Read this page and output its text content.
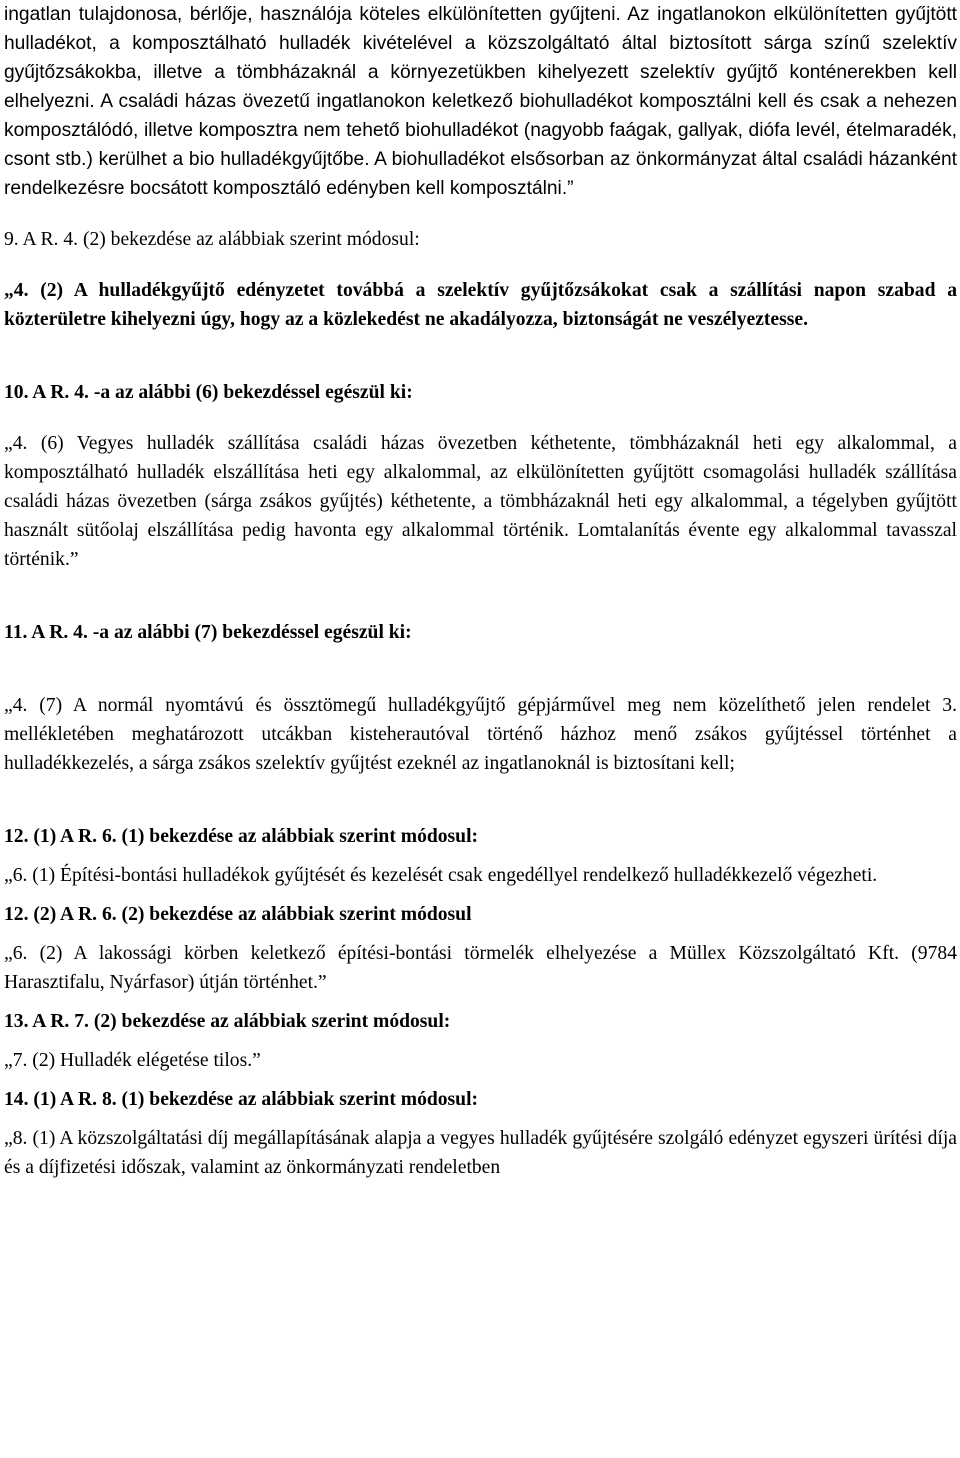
ingatlan tulajdonosa, bérlője, használója köteles elkülönítetten gyűjteni. Az ingatlanokon elkülönítetten gyűjtött hulladékot, a komposztálható hulladék kivételével a közszolgáltató által biztosított sárga színű szelektív gyűjtőzsákokba, illetve a tömbházaknál a környezetükben kihelyezett szelektív gyűjtő konténerekben kell elhelyezni. A családi házas övezetű ingatlanokon keletkező biohulladékot komposztálni kell és csak a nehezen komposztálódó, illetve komposztra nem tehető biohulladékot (nagyobb faágak, gallyak, diófa levél, ételmaradék, csont stb.) kerülhet a bio hulladékgyűjtőbe. A biohulladékot elsősorban az önkormányzat által családi házanként rendelkezésre bocsátott komposztáló edényben kell komposztálni.”

9. A R. 4. (2) bekezdése az alábbiak szerint módosul:

„4. (2) A hulladékgyűjtő edényzetet továbbá a szelektív gyűjtőzsákokat csak a szállítási napon szabad a közterületre kihelyezni úgy, hogy az a közlekedést ne akadályozza, biztonságát ne veszélyeztesse.

10. A R. 4. -a az alábbi (6) bekezdéssel egészül ki:

„4. (6) Vegyes hulladék szállítása családi házas övezetben kéthetente, tömbházaknál heti egy alkalommal, a komposztálható hulladék elszállítása heti egy alkalommal, az elkülönítetten gyűjtött csomagolási hulladék szállítása családi házas övezetben (sárga zsákos gyűjtés) kéthetente, a tömbházaknál heti egy alkalommal, a tégelyben gyűjtött használt sütőolaj elszállítása pedig havonta egy alkalommal történik. Lomtalanítás évente egy alkalommal tavasszal történik.”

11. A R. 4. -a az alábbi (7) bekezdéssel egészül ki:

„4. (7) A normál nyomtávú és össztömegű hulladékgyűjtő gépjárművel meg nem közelíthető jelen rendelet 3. mellékletében meghatározott utcákban kisteherautóval történő házhoz menő zsákos gyűjtéssel történhet a hulladékkezelés, a sárga zsákos szelektív gyűjtést ezeknél az ingatlanoknál is biztosítani kell;

12. (1) A R. 6. (1) bekezdése az alábbiak szerint módosul:

„6. (1) Építési-bontási hulladékok gyűjtését és kezelését csak engedéllyel rendelkező hulladékkezelő végezheti.

12. (2) A R. 6. (2) bekezdése az alábbiak szerint módosul

„6. (2) A lakossági körben keletkező építési-bontási törmelék elhelyezése a Müllex Közszolgáltató Kft. (9784 Harasztifalu, Nyárfasor) útján történhet.”

13. A R. 7. (2) bekezdése az alábbiak szerint módosul:

„7. (2) Hulladék elégetése tilos.”

14. (1) A R. 8. (1) bekezdése az alábbiak szerint módosul:

„8. (1) A közszolgáltatási díj megállapításának alapja a vegyes hulladék gyűjtésére szolgáló edényzet egyszeri ürítési díja és a díjfizetési időszak, valamint az önkormányzati rendeletben
